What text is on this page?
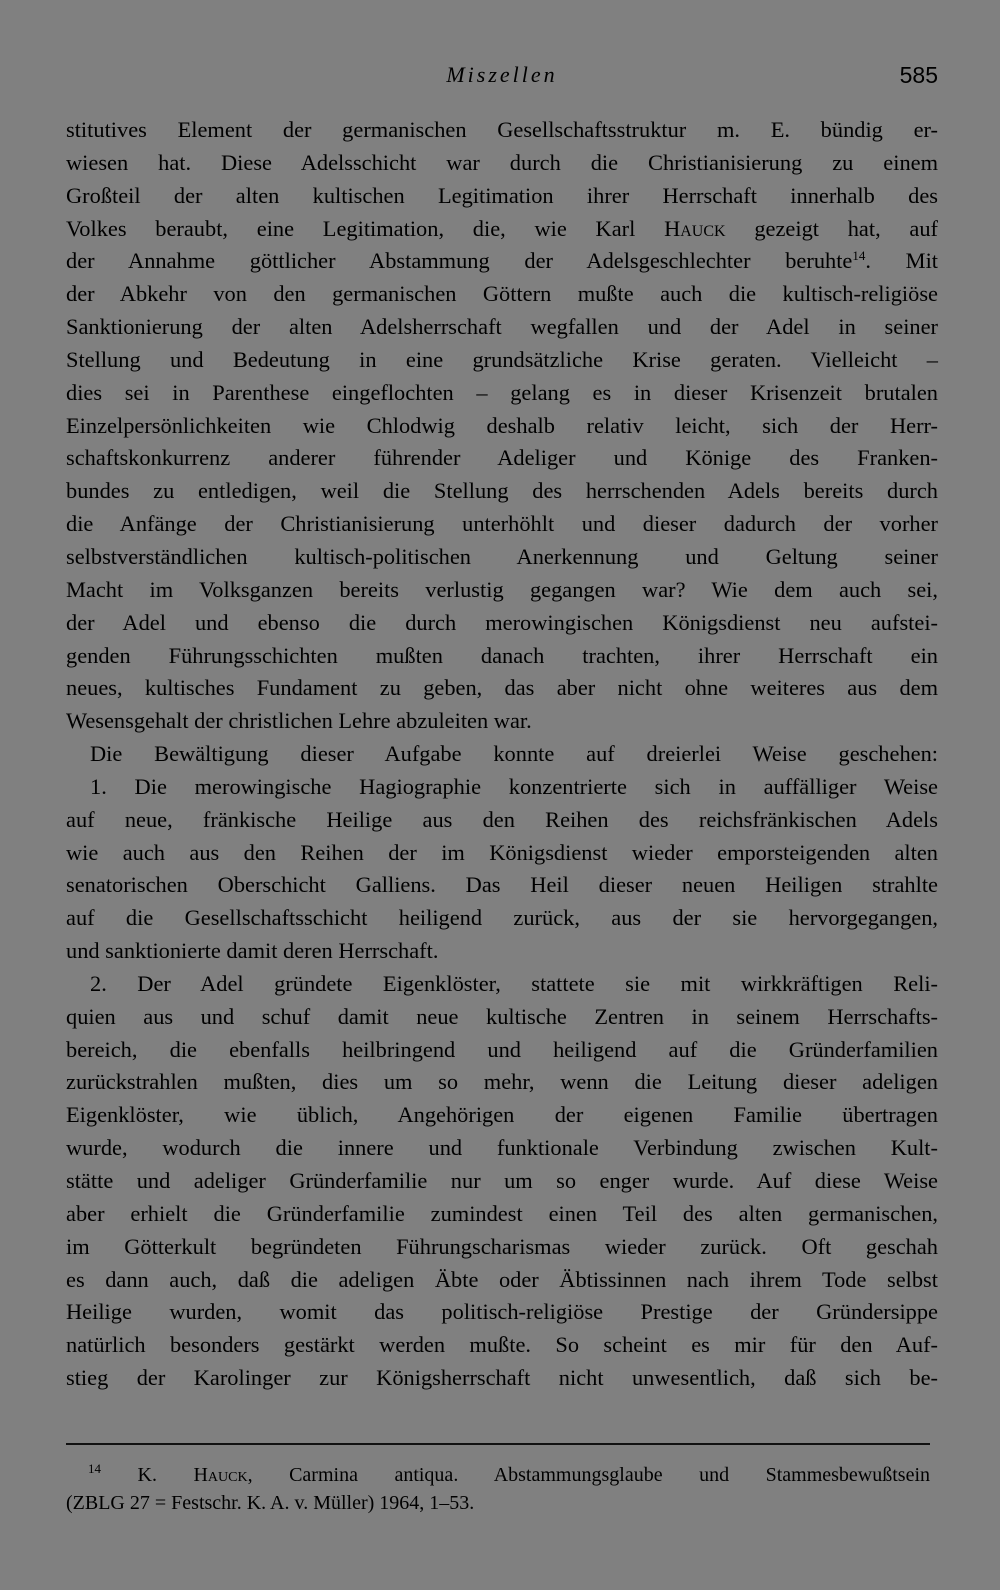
Miszellen	585
stitutives Element der germanischen Gesellschaftsstruktur m. E. bündig er-
wiesen hat. Diese Adelsschicht war durch die Christianisierung zu einem
Großteil der alten kultischen Legitimation ihrer Herrschaft innerhalb des
Volkes beraubt, eine Legitimation, die, wie Karl Hauck gezeigt hat, auf
der Annahme göttlicher Abstammung der Adelsgeschlechter beruhte$^{14}$. Mit
der Abkehr von den germanischen Göttern mußte auch die kultisch-religiöse
Sanktionierung der alten Adelsherrschaft wegfallen und der Adel in seiner
Stellung und Bedeutung in eine grundsätzliche Krise geraten. Vielleicht –
dies sei in Parenthese eingeflochten – gelang es in dieser Krisenzeit brutalen
Einzelpersönlichkeiten wie Chlodwig deshalb relativ leicht, sich der Herr-
schaftskonkurrenz anderer führender Adeliger und Könige des Franken-
bundes zu entledigen, weil die Stellung des herrschenden Adels bereits durch
die Anfänge der Christianisierung unterhöhlt und dieser dadurch der vorher
selbstverständlichen kultisch-politischen Anerkennung und Geltung seiner
Macht im Volksganzen bereits verlustig gegangen war? Wie dem auch sei,
der Adel und ebenso die durch merowingischen Königsdienst neu aufstei-
genden Führungsschichten mußten danach trachten, ihrer Herrschaft ein
neues, kultisches Fundament zu geben, das aber nicht ohne weiteres aus dem
Wesensgehalt der christlichen Lehre abzuleiten war.
Die Bewältigung dieser Aufgabe konnte auf dreierlei Weise geschehen:
1. Die merowingische Hagiographie konzentrierte sich in auffälliger Weise
auf neue, fränkische Heilige aus den Reihen des reichsfränkischen Adels
wie auch aus den Reihen der im Königsdienst wieder emporsteigenden alten
senatorischen Oberschicht Galliens. Das Heil dieser neuen Heiligen strahlte
auf die Gesellschaftsschicht heiligend zurück, aus der sie hervorgegangen,
und sanktionierte damit deren Herrschaft.
2. Der Adel gründete Eigenklöster, stattete sie mit wirkkräftigen Reli-
quien aus und schuf damit neue kultische Zentren in seinem Herrschafts-
bereich, die ebenfalls heilbringend und heiligend auf die Gründerfamilien
zurückstrahlen mußten, dies um so mehr, wenn die Leitung dieser adeligen
Eigenklöster, wie üblich, Angehörigen der eigenen Familie übertragen
wurde, wodurch die innere und funktionale Verbindung zwischen Kult-
stätte und adeliger Gründerfamilie nur um so enger wurde. Auf diese Weise
aber erhielt die Gründerfamilie zumindest einen Teil des alten germanischen,
im Götterkult begründeten Führungscharismas wieder zurück. Oft geschah
es dann auch, daß die adeligen Äbte oder Äbtissinnen nach ihrem Tode selbst
Heilige wurden, womit das politisch-religiöse Prestige der Gründersippe
natürlich besonders gestärkt werden mußte. So scheint es mir für den Auf-
stieg der Karolinger zur Königsherrschaft nicht unwesentlich, daß sich be-
$^{14}$ K. Hauck, Carmina antiqua. Abstammungsglaube und Stammesbewußtsein
(ZBLG 27 = Festschr. K. A. v. Müller) 1964, 1–53.
